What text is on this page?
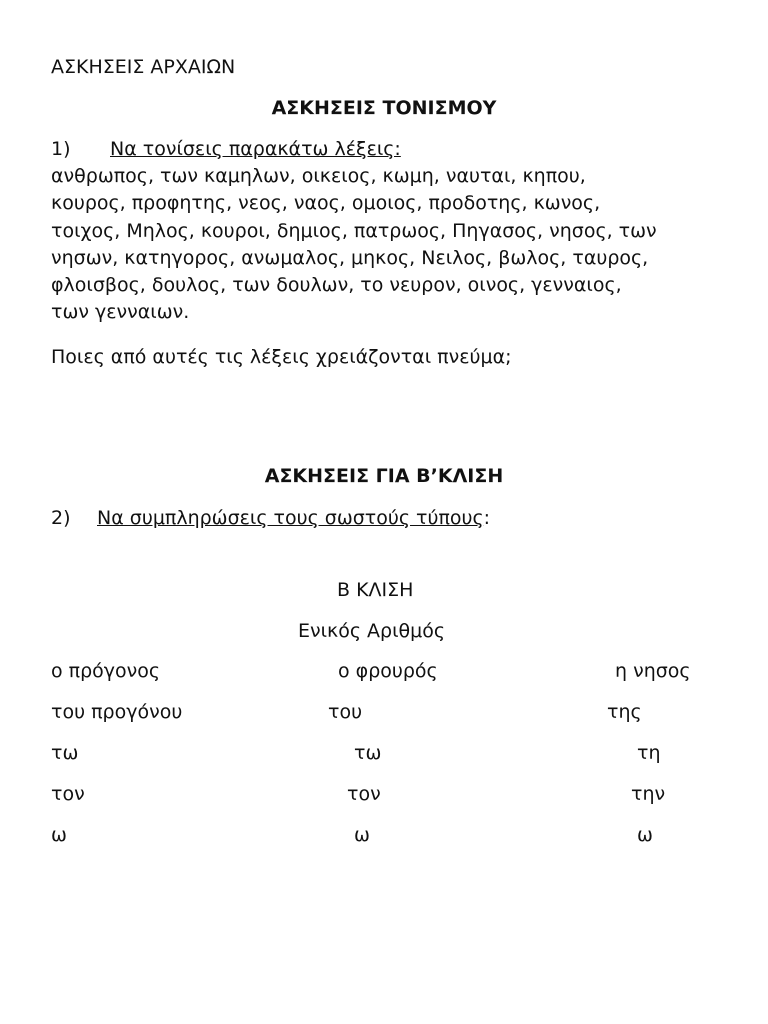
ΑΣΚΗΣΕΙΣ ΑΡΧΑΙΩΝ
ΑΣΚΗΣΕΙΣ ΤΟΝΙΣΜΟΥ
1) Να τονίσεις παρακάτω λέξεις:
ανθρωπος, των καμηλων, οικειος, κωμη, ναυται, κηπου,
κουρος, προφητης, νεος, ναος, ομοιος, προδοτης, κωνος,
τοιχος, Μηλος, κουροι, δημιος, πατρωος, Πηγασος, νησος, των
νησων, κατηγορος, ανωμαλος, μηκος, Νειλος, βωλος, ταυρος,
φλοισβος, δουλος, των δουλων, το νευρον, οινος, γενναιος,
των γενναιων.
Ποιες από αυτές τις λέξεις χρειάζονται πνεύμα;
ΑΣΚΗΣΕΙΣ ΓΙΑ Β’ΚΛΙΣΗ
2) Να συμπληρώσεις τους σωστούς τύπους:
Β ΚΛΙΣΗ
Ενικός Αριθμός
ο πρόγονος	ο φρουρός	η νησος
του προγόνου	του	της
τω	τω	τη
τον	τον	την
ω	ω	ω
